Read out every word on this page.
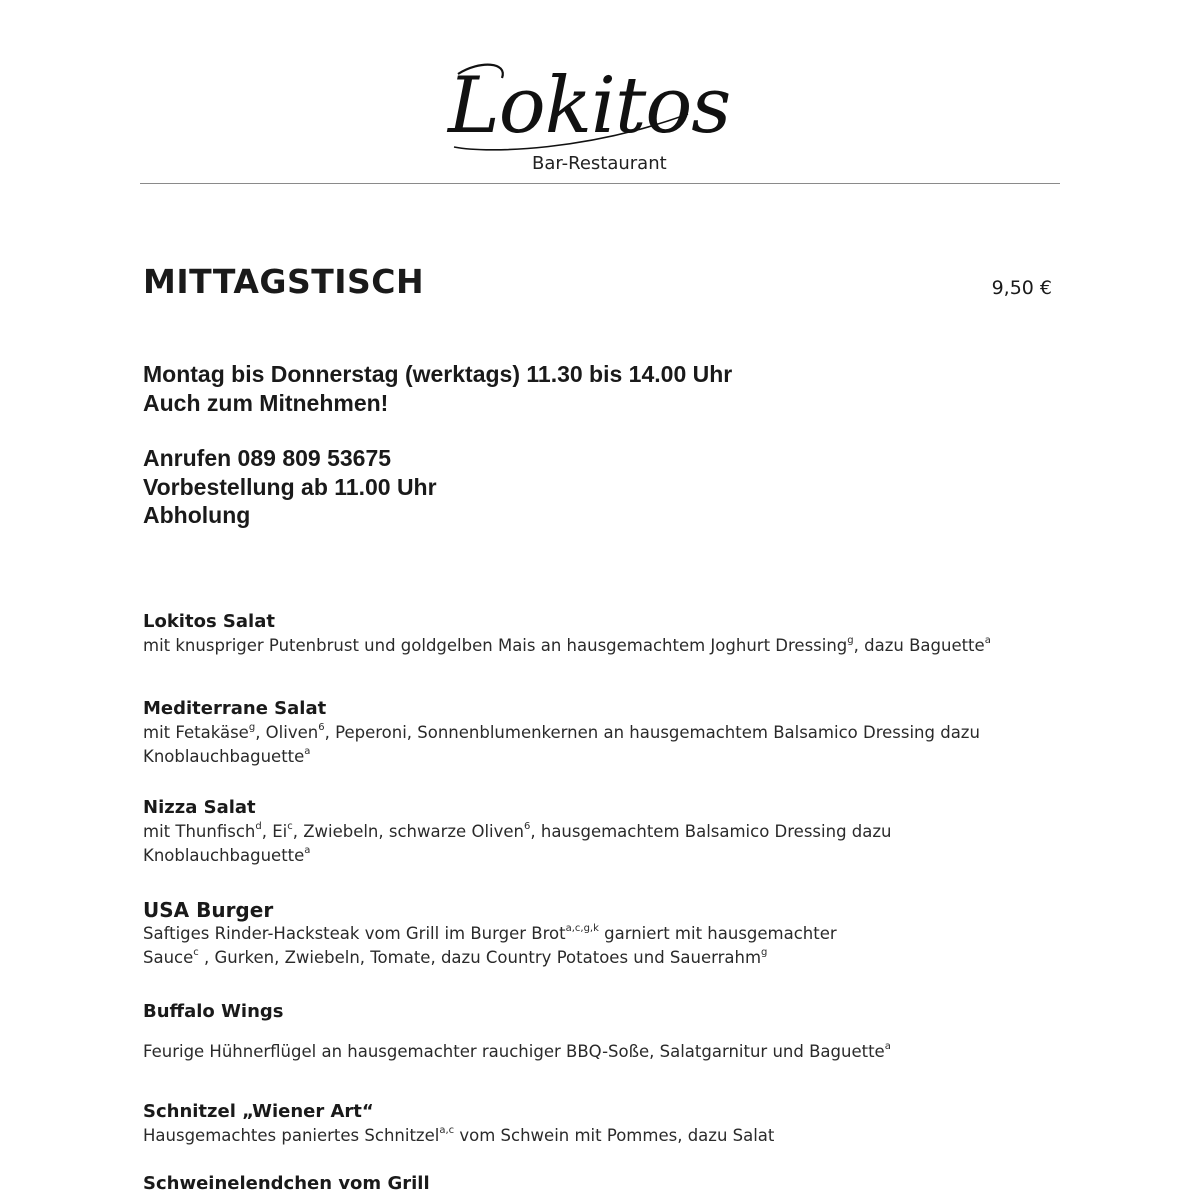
Lokitos
Bar-Restaurant
MITTAGSTISCH	9,50 €
Montag bis Donnerstag (werktags) 11.30 bis 14.00 Uhr
Auch zum Mitnehmen!
Anrufen 089 809 53675
Vorbestellung ab 11.00 Uhr
Abholung
Lokitos Salat
mit knuspriger Putenbrust und goldgelben Mais an hausgemachtem Joghurt Dressing$^g$, dazu Baguette$^a$
Mediterrane Salat
mit Fetakäse$^g$, Oliven$^6$, Peperoni, Sonnenblumenkernen an hausgemachtem Balsamico Dressing dazu
Knoblauchbaguette$^a$
Nizza Salat
mit Thunfisch$^d$, Ei$^c$, Zwiebeln, schwarze Oliven$^6$, hausgemachtem Balsamico Dressing dazu
Knoblauchbaguette$^a$
USA Burger
Saftiges Rinder-Hacksteak vom Grill im Burger Brot$^{a,c,g,k}$ garniert mit hausgemachter
Sauce$^c$ , Gurken, Zwiebeln, Tomate, dazu Country Potatoes und Sauerrahm$^g$
Buffalo Wings
Feurige Hühnerflügel an hausgemachter rauchiger BBQ-Soße, Salatgarnitur und Baguette$^a$
Schnitzel „Wiener Art“
Hausgemachtes paniertes Schnitzel$^{a,c}$ vom Schwein mit Pommes, dazu Salat
Schweinelendchen vom Grill
